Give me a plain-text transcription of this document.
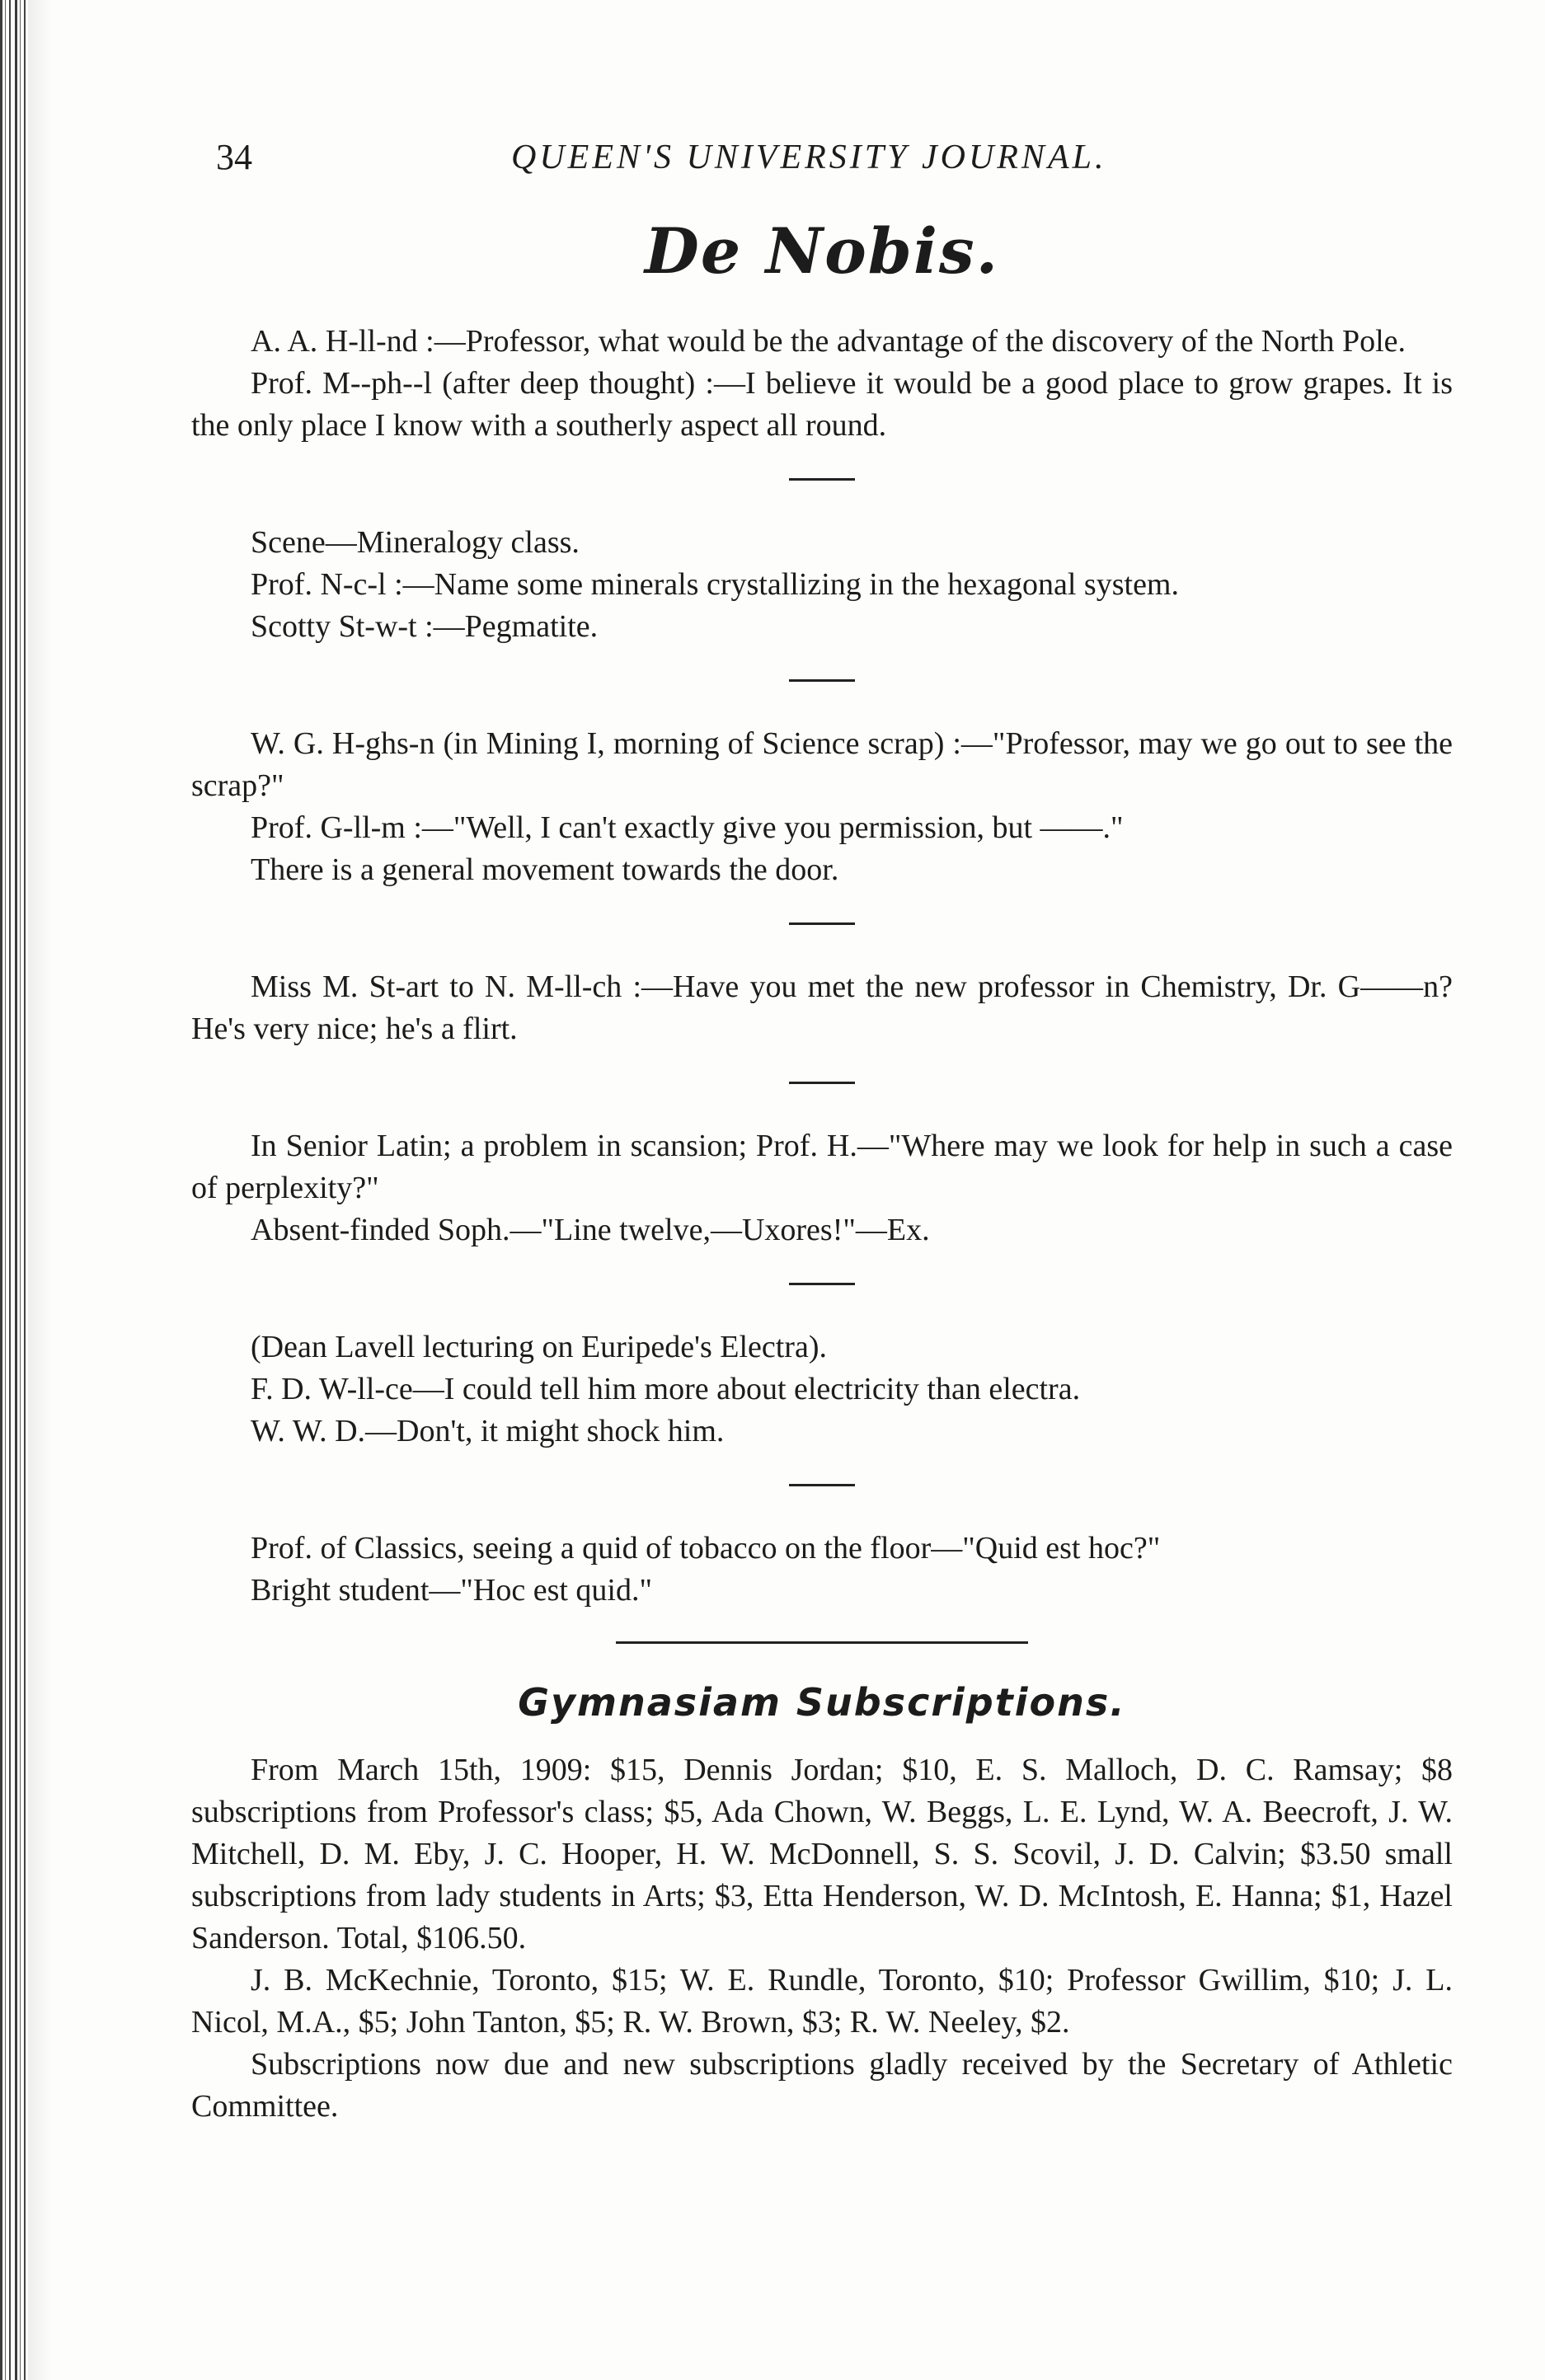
34	QUEEN'S UNIVERSITY JOURNAL.
De Nobis.

A. A. H-ll-nd :—Professor, what would be the advantage of the discovery of the North Pole.

Prof. M--ph--l (after deep thought) :—I believe it would be a good place to grow grapes. It is the only place I know with a southerly aspect all round.

Scene—Mineralogy class.

Prof. N-c-l :—Name some minerals crystallizing in the hexagonal system.

Scotty St-w-t :—Pegmatite.

W. G. H-ghs-n (in Mining I, morning of Science scrap) :—"Professor, may we go out to see the scrap?"

Prof. G-ll-m :—"Well, I can't exactly give you permission, but ——."

There is a general movement towards the door.

Miss M. St-art to N. M-ll-ch :—Have you met the new professor in Chemistry, Dr. G——n? He's very nice; he's a flirt.

In Senior Latin; a problem in scansion; Prof. H.—"Where may we look for help in such a case of perplexity?"

Absent-finded Soph.—"Line twelve,—Uxores!"—Ex.

(Dean Lavell lecturing on Euripede's Electra).

F. D. W-ll-ce—I could tell him more about electricity than electra.

W. W. D.—Don't, it might shock him.

Prof. of Classics, seeing a quid of tobacco on the floor—"Quid est hoc?"

Bright student—"Hoc est quid."

Gymnasiam Subscriptions.

From March 15th, 1909: $15, Dennis Jordan; $10, E. S. Malloch, D. C. Ramsay; $8 subscriptions from Professor's class; $5, Ada Chown, W. Beggs, L. E. Lynd, W. A. Beecroft, J. W. Mitchell, D. M. Eby, J. C. Hooper, H. W. McDonnell, S. S. Scovil, J. D. Calvin; $3.50 small subscriptions from lady students in Arts; $3, Etta Henderson, W. D. McIntosh, E. Hanna; $1, Hazel Sanderson. Total, $106.50.

J. B. McKechnie, Toronto, $15; W. E. Rundle, Toronto, $10; Professor Gwillim, $10; J. L. Nicol, M.A., $5; John Tanton, $5; R. W. Brown, $3; R. W. Neeley, $2.

Subscriptions now due and new subscriptions gladly received by the Secretary of Athletic Committee.
